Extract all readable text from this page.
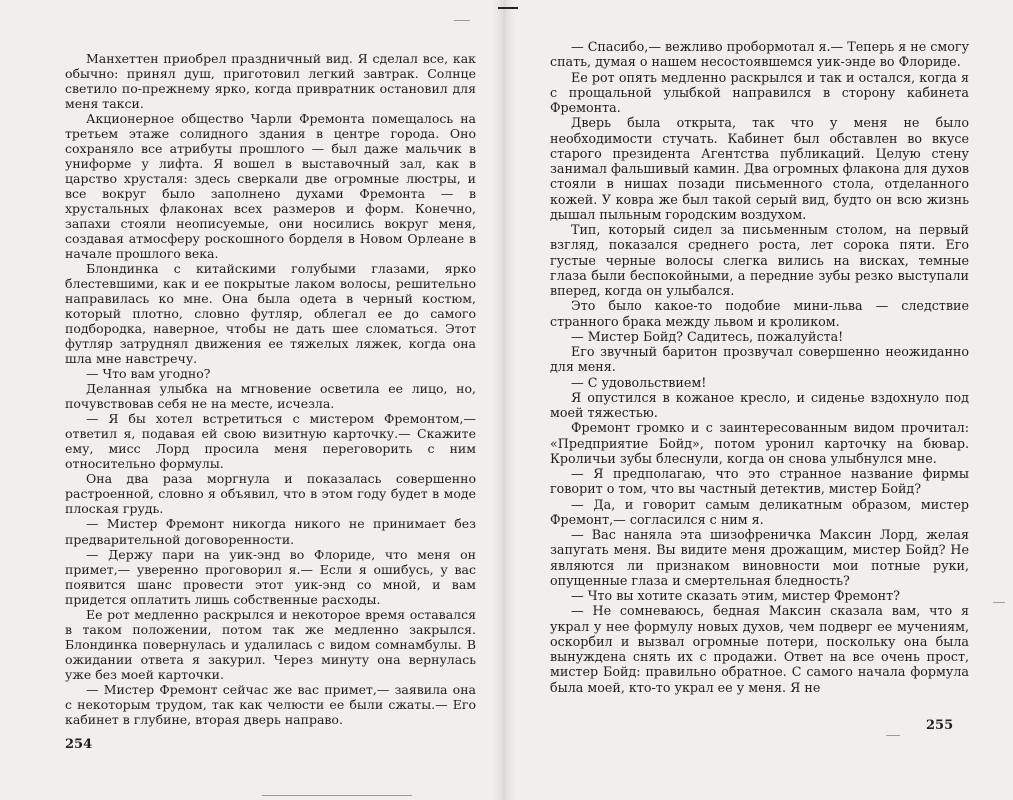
Манхеттен приобрел праздничный вид. Я сделал все, как обычно: принял душ, приготовил легкий завтрак. Солнце светило по-прежнему ярко, когда привратник остановил для меня такси.

Акционерное общество Чарли Фремонта помещалось на третьем этаже солидного здания в центре города. Оно сохраняло все атрибуты прошлого — был даже мальчик в униформе у лифта. Я вошел в выставочный зал, как в царство хрусталя: здесь сверкали две огромные люстры, и все вокруг было заполнено духами Фремонта — в хрустальных флаконах всех размеров и форм. Конечно, запахи стояли неописуемые, они носились вокруг меня, создавая атмосферу роскошного борделя в Новом Орлеане в начале прошлого века.

Блондинка с китайскими голубыми глазами, ярко блестевшими, как и ее покрытые лаком волосы, решительно направилась ко мне. Она была одета в черный костюм, который плотно, словно футляр, облегал ее до самого подбородка, наверное, чтобы не дать шее сломаться. Этот футляр затруднял движения ее тяжелых ляжек, когда она шла мне навстречу.

— Что вам угодно?

Деланная улыбка на мгновение осветила ее лицо, но, почувствовав себя не на месте, исчезла.

— Я бы хотел встретиться с мистером Фремонтом,— ответил я, подавая ей свою визитную карточку.— Скажите ему, мисс Лорд просила меня переговорить с ним относительно формулы.

Она два раза моргнула и показалась совершенно растроенной, словно я объявил, что в этом году будет в моде плоская грудь.

— Мистер Фремонт никогда никого не принимает без предварительной договоренности.

— Держу пари на уик-энд во Флориде, что меня он примет,— уверенно проговорил я.— Если я ошибусь, у вас появится шанс провести этот уик-энд со мной, и вам придется оплатить лишь собственные расходы.

Ее рот медленно раскрылся и некоторое время оставался в таком положении, потом так же медленно закрылся. Блондинка повернулась и удалилась с видом сомнамбулы. В ожидании ответа я закурил. Через минуту она вернулась уже без моей карточки.

— Мистер Фремонт сейчас же вас примет,— заявила она с некоторым трудом, так как челюсти ее были сжаты.— Его кабинет в глубине, вторая дверь направо.

254

— Спасибо,— вежливо пробормотал я.— Теперь я не смогу спать, думая о нашем несостоявшемся уик-энде во Флориде.

Ее рот опять медленно раскрылся и так и остался, когда я с прощальной улыбкой направился в сторону кабинета Фремонта.

Дверь была открыта, так что у меня не было необходимости стучать. Кабинет был обставлен во вкусе старого президента Агентства публикаций. Целую стену занимал фальшивый камин. Два огромных флакона для духов стояли в нишах позади письменного стола, отделанного кожей. У ковра же был такой серый вид, будто он всю жизнь дышал пыльным городским воздухом.

Тип, который сидел за письменным столом, на первый взгляд, показался среднего роста, лет сорока пяти. Его густые черные волосы слегка вились на висках, темные глаза были беспокойными, а передние зубы резко выступали вперед, когда он улыбался.

Это было какое-то подобие мини-льва — следствие странного брака между львом и кроликом.

— Мистер Бойд? Садитесь, пожалуйста!

Его звучный баритон прозвучал совершенно неожиданно для меня.

— С удовольствием!

Я опустился в кожаное кресло, и сиденье вздохнуло под моей тяжестью.

Фремонт громко и с заинтересованным видом прочитал: «Предприятие Бойд», потом уронил карточку на бювар. Кроличьи зубы блеснули, когда он снова улыбнулся мне.

— Я предполагаю, что это странное название фирмы говорит о том, что вы частный детектив, мистер Бойд?

— Да, и говорит самым деликатным образом, мистер Фремонт,— согласился с ним я.

— Вас наняла эта шизофреничка Максин Лорд, желая запугать меня. Вы видите меня дрожащим, мистер Бойд? Не являются ли признаком виновности мои потные руки, опущенные глаза и смертельная бледность?

— Что вы хотите сказать этим, мистер Фремонт?

— Не сомневаюсь, бедная Максин сказала вам, что я украл у нее формулу новых духов, чем подверг ее мучениям, оскорбил и вызвал огромные потери, поскольку она была вынуждена снять их с продажи. Ответ на все очень прост, мистер Бойд: правильно обратное. С самого начала формула была моей, кто-то украл ее у меня. Я не

255
